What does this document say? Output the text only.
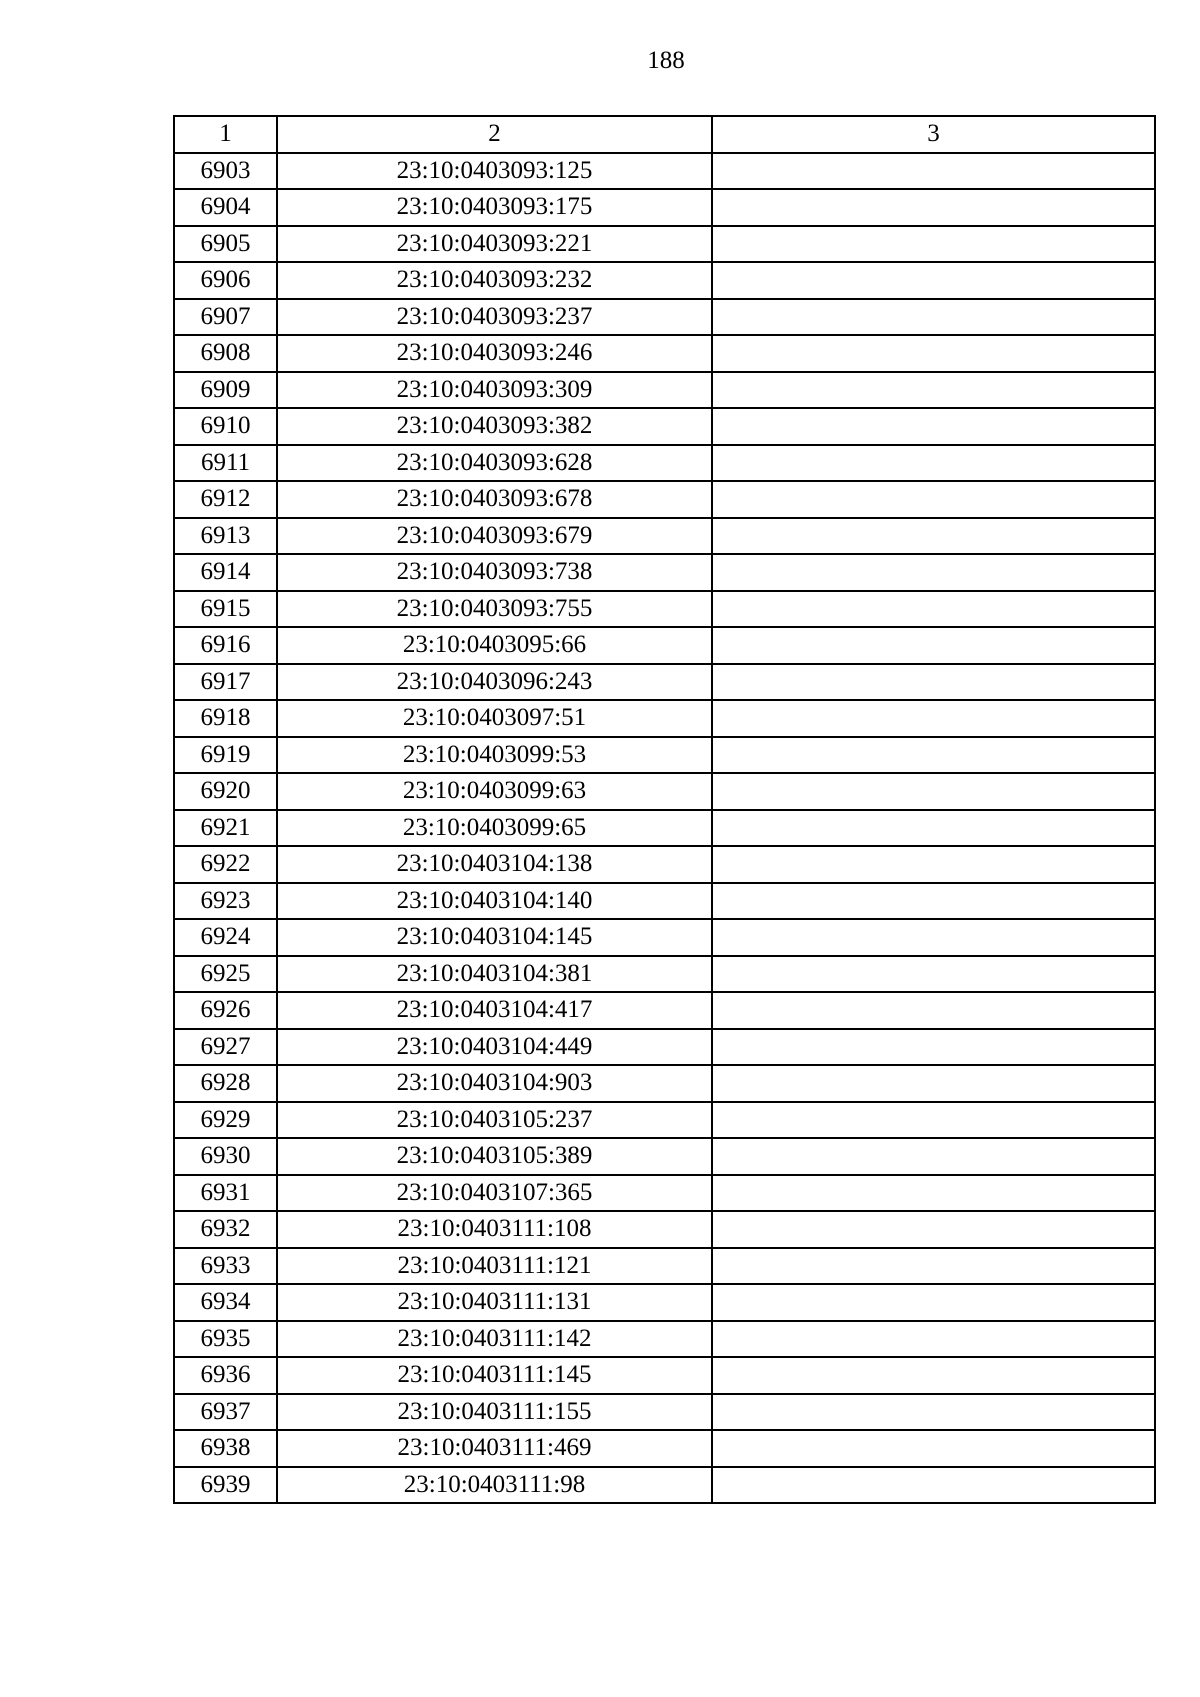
188
1	2	3
6903	23:10:0403093:125	
6904	23:10:0403093:175	
6905	23:10:0403093:221	
6906	23:10:0403093:232	
6907	23:10:0403093:237	
6908	23:10:0403093:246	
6909	23:10:0403093:309	
6910	23:10:0403093:382	
6911	23:10:0403093:628	
6912	23:10:0403093:678	
6913	23:10:0403093:679	
6914	23:10:0403093:738	
6915	23:10:0403093:755	
6916	23:10:0403095:66	
6917	23:10:0403096:243	
6918	23:10:0403097:51	
6919	23:10:0403099:53	
6920	23:10:0403099:63	
6921	23:10:0403099:65	
6922	23:10:0403104:138	
6923	23:10:0403104:140	
6924	23:10:0403104:145	
6925	23:10:0403104:381	
6926	23:10:0403104:417	
6927	23:10:0403104:449	
6928	23:10:0403104:903	
6929	23:10:0403105:237	
6930	23:10:0403105:389	
6931	23:10:0403107:365	
6932	23:10:0403111:108	
6933	23:10:0403111:121	
6934	23:10:0403111:131	
6935	23:10:0403111:142	
6936	23:10:0403111:145	
6937	23:10:0403111:155	
6938	23:10:0403111:469	
6939	23:10:0403111:98	
